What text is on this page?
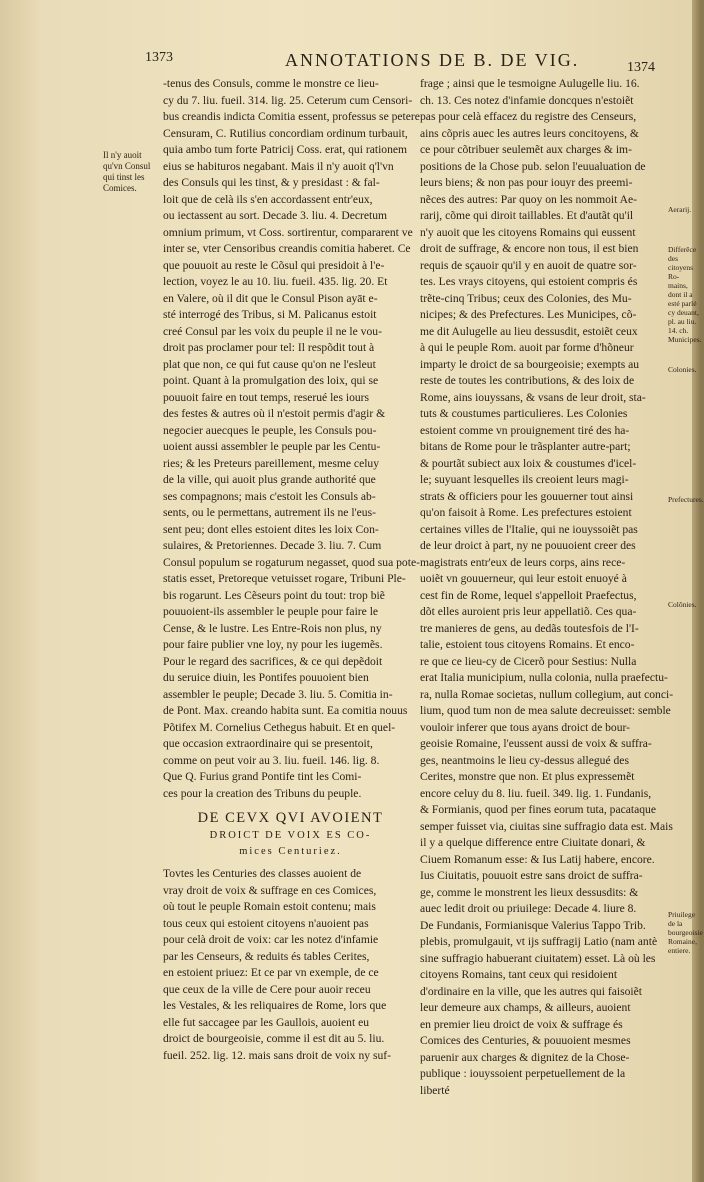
1373	ANNOTATIONS DE B. DE VIG.	1374
Il n'y auoit qu'vn Consul qui tinst les Comices.
Aerarij.
Differẽce des citoyens Ro- mains, dont il a esté parlé cy deuant, pl. au liu. 14. ch. Municipes.
Colonies.
Prefectures.
Colõnies.
Priuilege de la bourgeoisie Romaine, entiere.
-tenus des Consuls, comme le monstre ce lieu-
cy du 7. liu. fueil. 314. lig. 25. Ceterum cum Censori-
bus creandis indicta Comitia essent, professus se petere
Censuram, C. Rutilius concordiam ordinum turbauit,
quia ambo tum forte Patricij Coss. erat, qui rationem
eius se habituros negabant. Mais il n'y auoit q'l'vn
des Consuls qui les tinst, & y presidast : & fal-
loit que de celà ils s'en accordassent entr'eux,
ou iectassent au sort. Decade 3. liu. 4. Decretum
omnium primum, vt Coss. sortirentur, compararent ve
inter se, vter Censoribus creandis comitia haberet. Ce
que pouuoit au reste le Cõsul qui presidoit à l'e-
lection, voyez le au 10. liu. fueil. 435. lig. 20. Et
en Valere, où il dit que le Consul Pison ayāt e-
sté interrogé des Tribus, si M. Palicanus estoit
creé Consul par les voix du peuple il ne le vou-
droit pas proclamer pour tel: Il respõdit tout à
plat que non, ce qui fut cause qu'on ne l'esleut
point. Quant à la promulgation des loix, qui se
pouuoit faire en tout temps, reserué les iours
des festes & autres où il n'estoit permis d'agir &
negocier auecques le peuple, les Consuls pou-
uoient aussi assembler le peuple par les Centu-
ries; & les Preteurs pareillement, mesme celuy
de la ville, qui auoit plus grande authorité que
ses compagnons; mais c'estoit les Consuls ab-
sents, ou le permettans, autrement ils ne l'eus-
sent peu; dont elles estoient dites les loix Con-
sulaires, & Pretoriennes. Decade 3. liu. 7. Cum
Consul populum se rogaturum negasset, quod sua pote-
statis esset, Pretoreque vetuisset rogare, Tribuni Ple-
bis rogarunt. Les Cẽseurs point du tout: trop biẽ
pouuoient-ils assembler le peuple pour faire le
Cense, & le lustre. Les Entre-Rois non plus, ny
pour faire publier vne loy, ny pour les iugemẽs.
Pour le regard des sacrifices, & ce qui depẽdoit
du seruice diuin, les Pontifes pouuoient bien
assembler le peuple; Decade 3. liu. 5. Comitia in-
de Pont. Max. creando habita sunt. Ea comitia nouus
Põtifex M. Cornelius Cethegus habuit. Et en quel-
que occasion extraordinaire qui se presentoit,
comme on peut voir au 3. liu. fueil. 146. lig. 8.
Que Q. Furius grand Pontife tint les Comi-
ces pour la creation des Tribuns du peuple.
DE CEVX QVI AVOIENT
DROICT DE VOIX ES CO-
mices Centuriez.
Tovtes les Centuries des classes auoient de
vray droit de voix & suffrage en ces Comices,
où tout le peuple Romain estoit contenu; mais
tous ceux qui estoient citoyens n'auoient pas
pour celà droit de voix: car les notez d'infamie
par les Censeurs, & reduits és tables Cerites,
en estoient priuez: Et ce par vn exemple, de ce
que ceux de la ville de Cere pour auoir receu
les Vestales, & les reliquaires de Rome, lors que
elle fut saccagee par les Gaullois, auoient eu
droict de bourgeoisie, comme il est dit au 5. liu.
fueil. 252. lig. 12. mais sans droit de voix ny suf-
frage ; ainsi que le tesmoigne Aulugelle liu. 16.
ch. 13. Ces notez d'infamie doncques n'estoiẽt
pas pour celà effacez du registre des Censeurs,
ains cõpris auec les autres leurs concitoyens, &
ce pour cõtribuer seulemẽt aux charges & im-
positions de la Chose pub. selon l'euualuation de
leurs biens; & non pas pour iouyr des preemi-
nẽces des autres: Par quoy on les nommoit Ae-
rarij, cõme qui diroit taillables. Et d'autãt qu'il
n'y auoit que les citoyens Romains qui eussent
droit de suffrage, & encore non tous, il est bien
requis de sçauoir qu'il y en auoit de quatre sor-
tes. Les vrays citoyens, qui estoient compris és
trẽte-cinq Tribus; ceux des Colonies, des Mu-
nicipes; & des Prefectures. Les Municipes, cõ-
me dit Aulugelle au lieu dessusdit, estoiẽt ceux
à qui le peuple Rom. auoit par forme d'hõneur
imparty le droict de sa bourgeoisie; exempts au
reste de toutes les contributions, & des loix de
Rome, ains iouyssans, & vsans de leur droit, sta-
tuts & coustumes particulieres. Les Colonies
estoient comme vn prouignement tiré des ha-
bitans de Rome pour le trãsplanter autre-part;
& pourtãt subiect aux loix & coustumes d'icel-
le; suyuant lesquelles ils creoient leurs magi-
strats & officiers pour les gouuerner tout ainsi
qu'on faisoit à Rome. Les prefectures estoient
certaines villes de l'Italie, qui ne iouyssoiẽt pas
de leur droict à part, ny ne pouuoient creer des
magistrats entr'eux de leurs corps, ains rece-
uoiẽt vn gouuerneur, qui leur estoit enuoyé à
cest fin de Rome, lequel s'appelloit Praefectus,
dõt elles auroient pris leur appellatiõ. Ces qua-
tre manieres de gens, au dedãs toutesfois de l'I-
talie, estoient tous citoyens Romains. Et enco-
re que ce lieu-cy de Cicerõ pour Sestius: Nulla
erat Italia municipium, nulla colonia, nulla praefectu-
ra, nulla Romae societas, nullum collegium, aut conci-
lium, quod tum non de mea salute decreuisset: semble
vouloir inferer que tous ayans droict de bour-
geoisie Romaine, l'eussent aussi de voix & suffra-
ges, neantmoins le lieu cy-dessus allegué des
Cerites, monstre que non. Et plus expressemẽt
encore celuy du 8. liu. fueil. 349. lig. 1. Fundanis,
& Formianis, quod per fines eorum tuta, pacataque
semper fuisset via, ciuitas sine suffragio data est. Mais
il y a quelque difference entre Ciuitate donari, &
Ciuem Romanum esse: & Ius Latij habere, encore.
Ius Ciuitatis, pouuoit estre sans droict de suffra-
ge, comme le monstrent les lieux dessusdits: &
auec ledit droit ou priuilege: Decade 4. liure 8.
De Fundanis, Formianisque Valerius Tappo Trib.
plebis, promulgauit, vt ijs suffragij Latio (nam antè
sine suffragio habuerant ciuitatem) esset. Là où les
citoyens Romains, tant ceux qui residoient
d'ordinaire en la ville, que les autres qui faisoiẽt
leur demeure aux champs, & ailleurs, auoient
en premier lieu droict de voix & suffrage és
Comices des Centuries, & pouuoient mesmes
paruenir aux charges & dignitez de la Chose-
publique : iouyssoient perpetuellement de la
liberté
